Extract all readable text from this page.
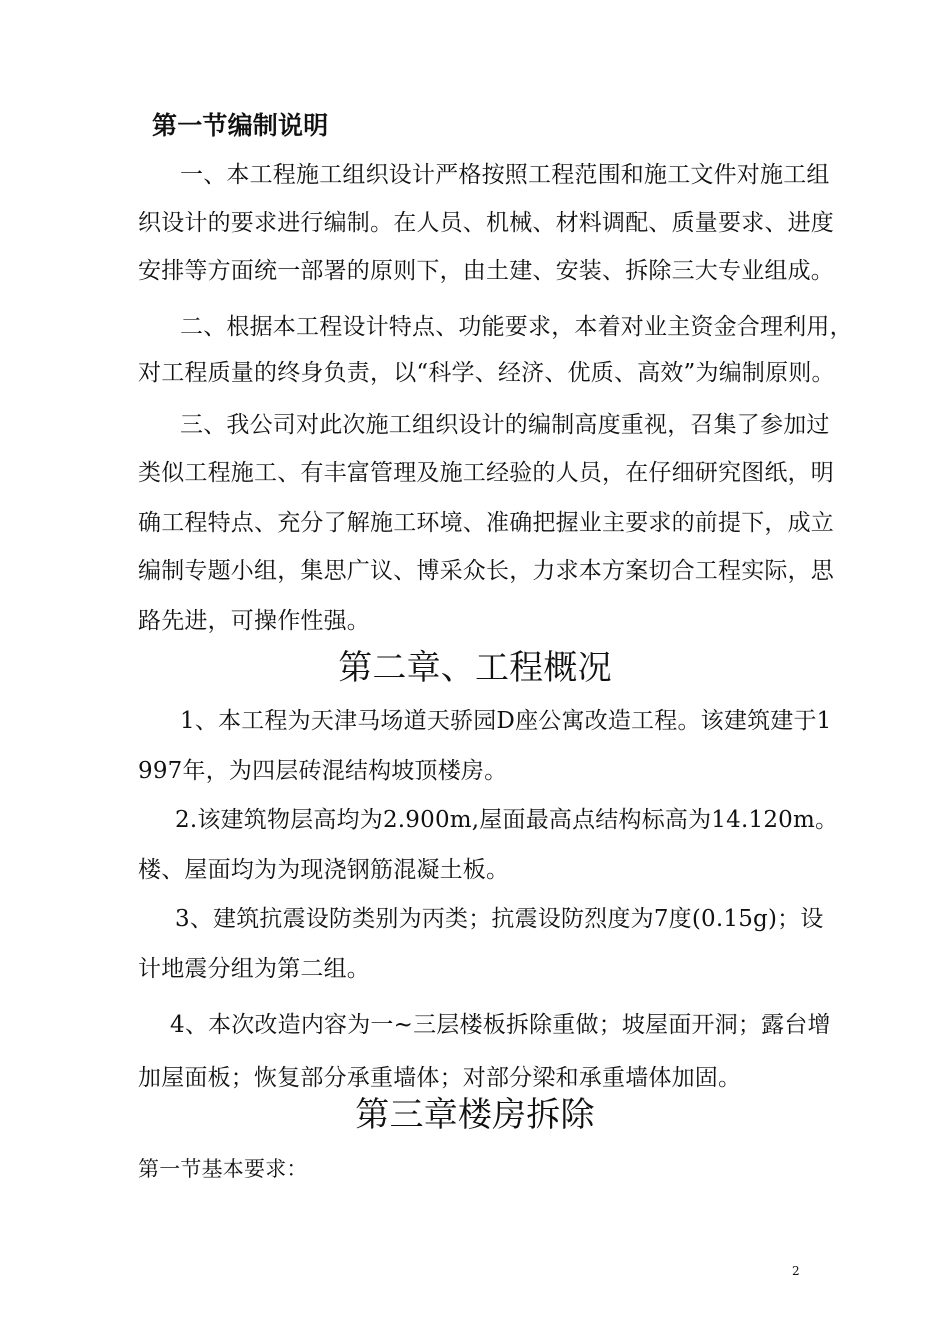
第一节编制说明
一、本工程施工组织设计严格按照工程范围和施工文件对施工组
织设计的要求进行编制。在人员、机械、材料调配、质量要求、进度
安排等方面统一部署的原则下，由土建、安装、拆除三大专业组成。
二、根据本工程设计特点、功能要求，本着对业主资金合理利用，
对工程质量的终身负责，以“科学、经济、优质、高效”为编制原则。
三、我公司对此次施工组织设计的编制高度重视，召集了参加过
类似工程施工、有丰富管理及施工经验的人员，在仔细研究图纸，明
确工程特点、充分了解施工环境、准确把握业主要求的前提下，成立
编制专题小组，集思广议、博采众长，力求本方案切合工程实际，思
路先进，可操作性强。
第二章、工程概况
1、本工程为天津马场道天骄园D座公寓改造工程。该建筑建于1
997年，为四层砖混结构坡顶楼房。
2.该建筑物层高均为2.900m,屋面最高点结构标高为14.120m。
楼、屋面均为为现浇钢筋混凝土板。
3、建筑抗震设防类别为丙类；抗震设防烈度为7度(0.15g)；设
计地震分组为第二组。
4、本次改造内容为一~三层楼板拆除重做；坡屋面开洞；露台增
加屋面板；恢复部分承重墙体；对部分梁和承重墙体加固。
第三章楼房拆除
第一节基本要求：
2
